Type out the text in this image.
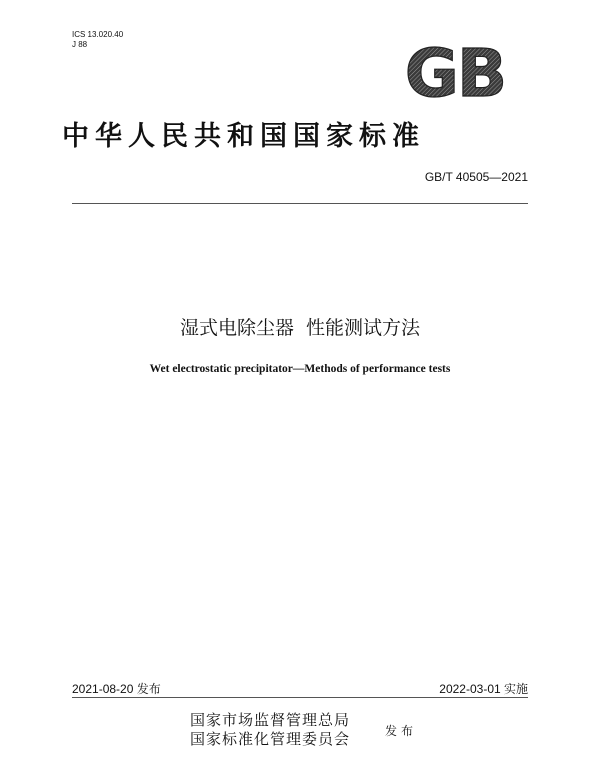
ICS 13.020.40
J 88	GB
中华人民共和国国家标准
GB/T 40505—2021
湿式电除尘器  性能测试方法
Wet electrostatic precipitator—Methods of performance tests
2021-08-20 发布	2022-03-01 实施
国家市场监督管理总局
国家标准化管理委员会	发布
